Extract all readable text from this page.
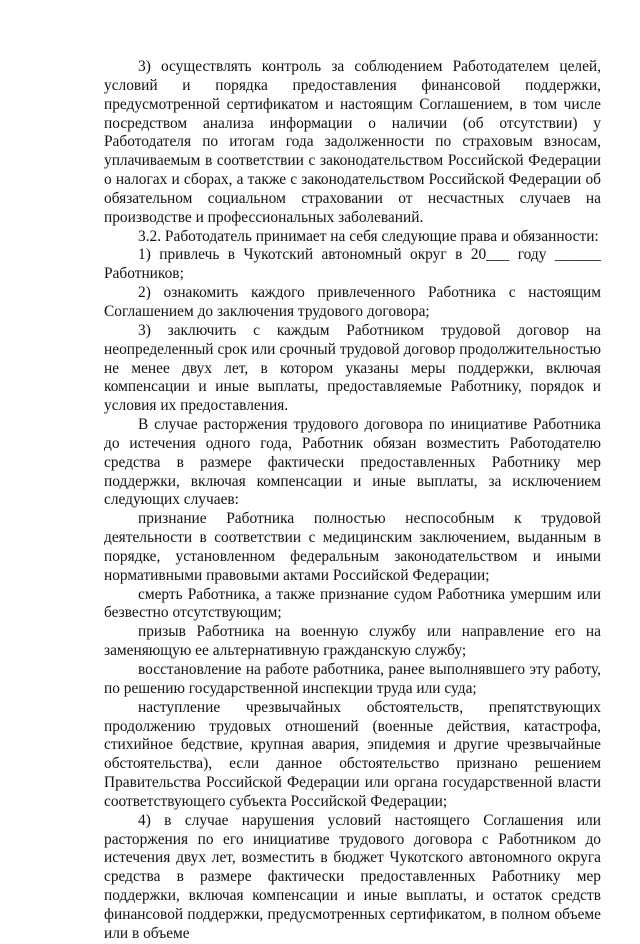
3) осуществлять контроль за соблюдением Работодателем целей, условий и порядка предоставления финансовой поддержки, предусмотренной сертификатом и настоящим Соглашением, в том числе посредством анализа информации о наличии (об отсутствии) у Работодателя по итогам года задолженности по страховым взносам, уплачиваемым в соответствии с законодательством Российской Федерации о налогах и сборах, а также с законодательством Российской Федерации об обязательном социальном страховании от несчастных случаев на производстве и профессиональных заболеваний.

3.2. Работодатель принимает на себя следующие права и обязанности:

1) привлечь в Чукотский автономный округ в 20___ году ______ Работников;

2) ознакомить каждого привлеченного Работника с настоящим Соглашением до заключения трудового договора;

3) заключить с каждым Работником трудовой договор на неопределенный срок или срочный трудовой договор продолжительностью не менее двух лет, в котором указаны меры поддержки, включая компенсации и иные выплаты, предоставляемые Работнику, порядок и условия их предоставления.

В случае расторжения трудового договора по инициативе Работника до истечения одного года, Работник обязан возместить Работодателю средства в размере фактически предоставленных Работнику мер поддержки, включая компенсации и иные выплаты, за исключением следующих случаев:

признание Работника полностью неспособным к трудовой деятельности в соответствии с медицинским заключением, выданным в порядке, установленном федеральным законодательством и иными нормативными правовыми актами Российской Федерации;

смерть Работника, а также признание судом Работника умершим или безвестно отсутствующим;

призыв Работника на военную службу или направление его на заменяющую ее альтернативную гражданскую службу;

восстановление на работе работника, ранее выполнявшего эту работу, по решению государственной инспекции труда или суда;

наступление чрезвычайных обстоятельств, препятствующих продолжению трудовых отношений (военные действия, катастрофа, стихийное бедствие, крупная авария, эпидемия и другие чрезвычайные обстоятельства), если данное обстоятельство признано решением Правительства Российской Федерации или органа государственной власти соответствующего субъекта Российской Федерации;

4) в случае нарушения условий настоящего Соглашения или расторжения по его инициативе трудового договора с Работником до истечения двух лет, возместить в бюджет Чукотского автономного округа средства в размере фактически предоставленных Работнику мер поддержки, включая компенсации и иные выплаты, и остаток средств финансовой поддержки, предусмотренных сертификатом, в полном объеме или в объеме
